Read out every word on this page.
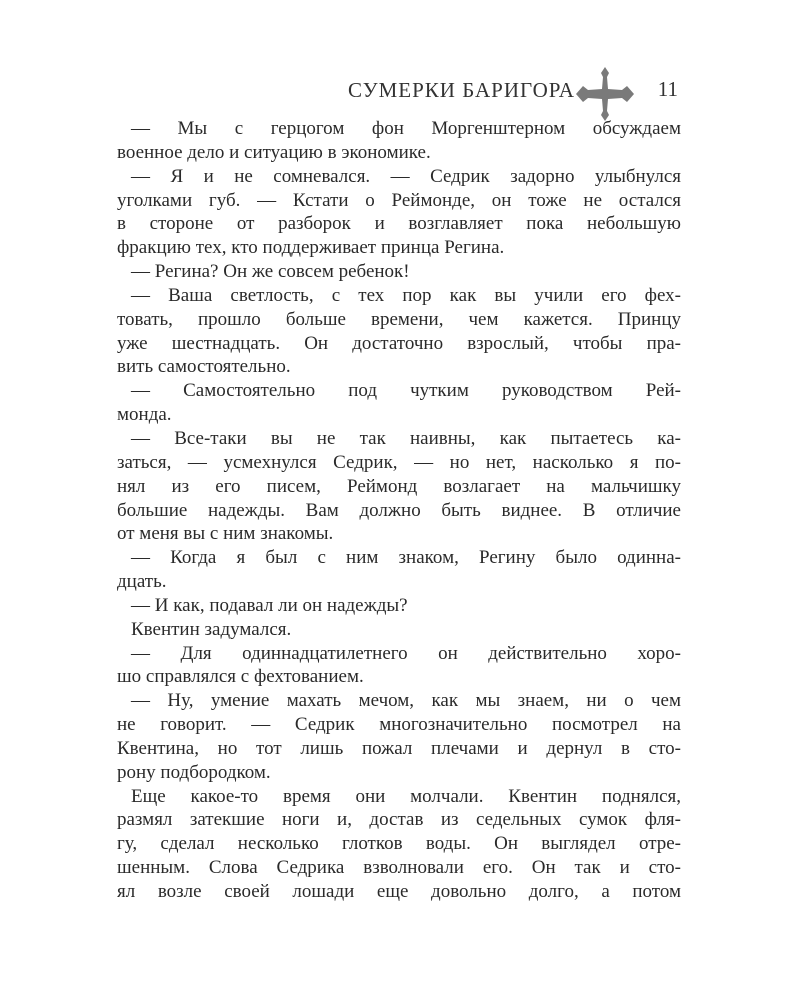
СУМЕРКИ БАРИГОРА	11
— Мы с герцогом фон Моргенштерном обсуждаем
военное дело и ситуацию в экономике.
— Я и не сомневался. — Седрик задорно улыбнулся
уголками губ. — Кстати о Реймонде, он тоже не остался
в стороне от разборок и возглавляет пока небольшую
фракцию тех, кто поддерживает принца Регина.
— Регина? Он же совсем ребенок!
— Ваша светлость, с тех пор как вы учили его фех-
товать, прошло больше времени, чем кажется. Принцу
уже шестнадцать. Он достаточно взрослый, чтобы пра-
вить самостоятельно.
— Самостоятельно под чутким руководством Рей-
монда.
— Все-таки вы не так наивны, как пытаетесь ка-
заться, — усмехнулся Седрик, — но нет, насколько я по-
нял из его писем, Реймонд возлагает на мальчишку
большие надежды. Вам должно быть виднее. В отличие
от меня вы с ним знакомы.
— Когда я был с ним знаком, Регину было одинна-
дцать.
— И как, подавал ли он надежды?
Квентин задумался.
— Для одиннадцатилетнего он действительно хоро-
шо справлялся с фехтованием.
— Ну, умение махать мечом, как мы знаем, ни о чем
не говорит. — Седрик многозначительно посмотрел на
Квентина, но тот лишь пожал плечами и дернул в сто-
рону подбородком.
Еще какое-то время они молчали. Квентин поднялся,
размял затекшие ноги и, достав из седельных сумок фля-
гу, сделал несколько глотков воды. Он выглядел отре-
шенным. Слова Седрика взволновали его. Он так и сто-
ял возле своей лошади еще довольно долго, а потом
